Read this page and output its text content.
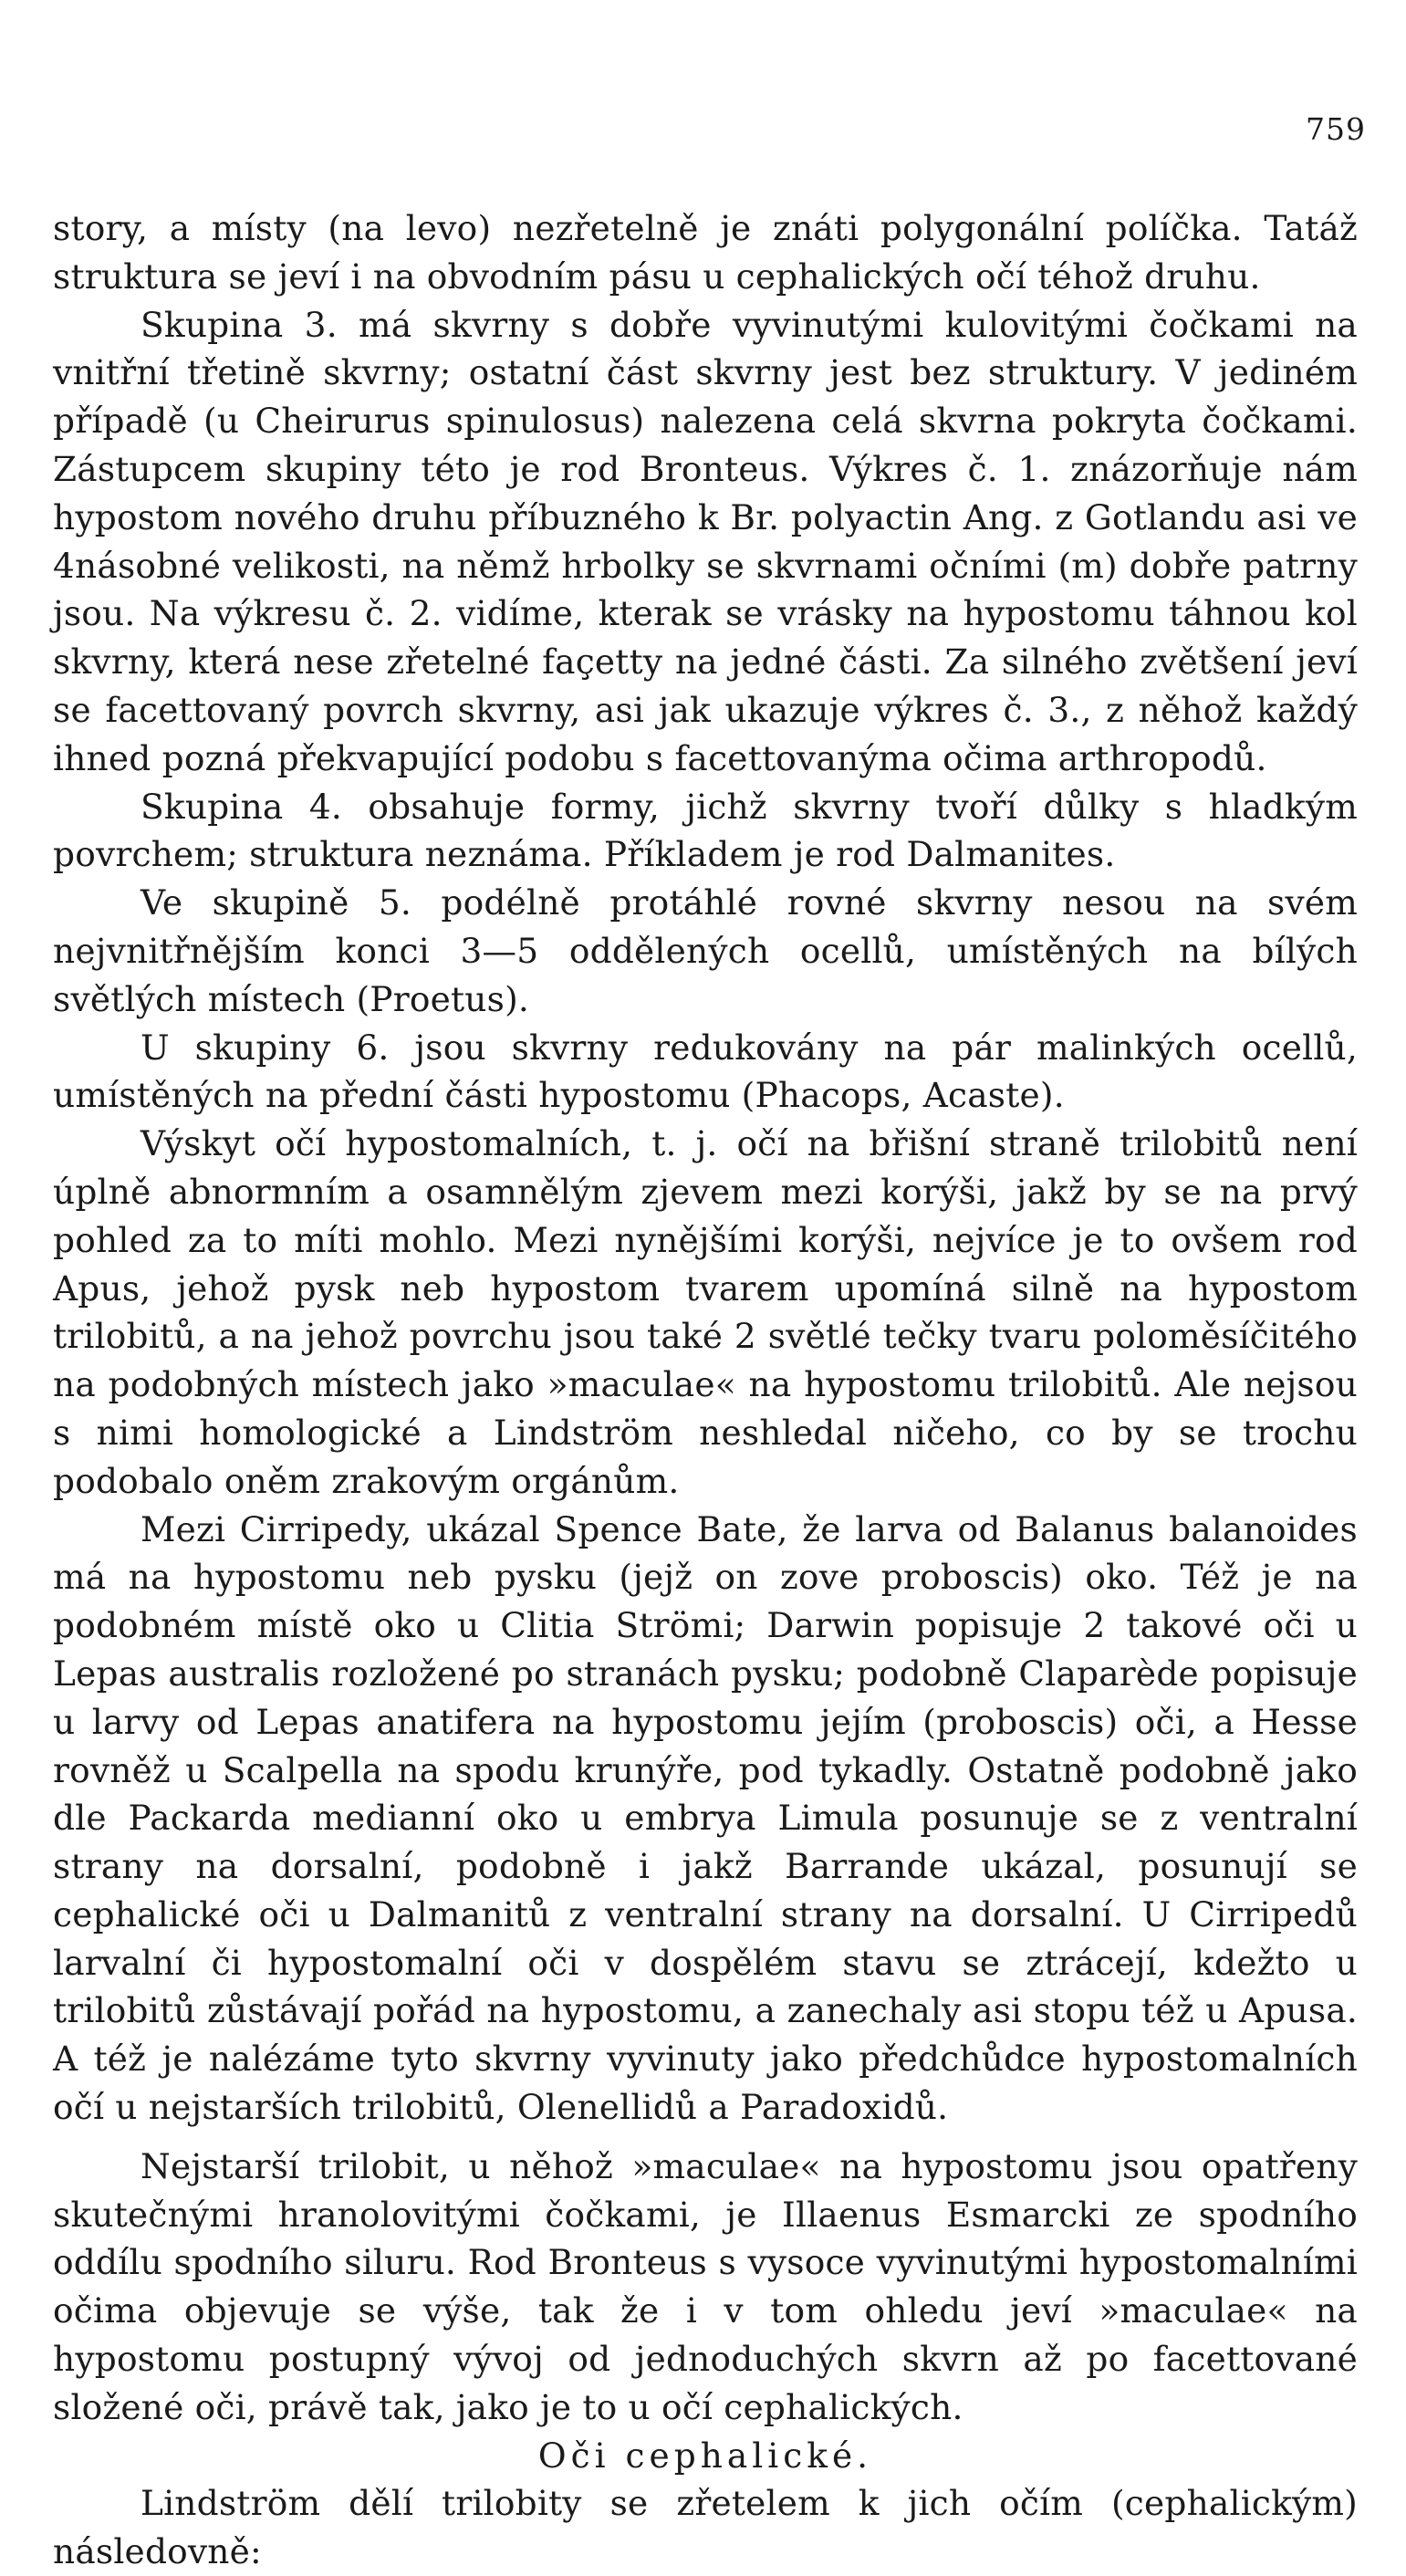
759

story, a místy (na levo) nezřetelně je znáti polygonální políčka. Tatáž struktura se jeví i na obvodním pásu u cephalických očí téhož druhu.

Skupina 3. má skvrny s dobře vyvinutými kulovitými čočkami na vnitřní třetině skvrny; ostatní část skvrny jest bez struktury. V jediném případě (u Cheirurus spinulosus) nalezena celá skvrna pokryta čočkami. Zástupcem skupiny této je rod Bronteus. Výkres č. 1. znázorňuje nám hypostom nového druhu příbuzného k Br. polyactin Ang. z Gotlandu asi ve 4násobné velikosti, na němž hrbolky se skvrnami očními (m) dobře patrny jsou. Na výkresu č. 2. vidíme, kterak se vrásky na hypostomu táhnou kol skvrny, která nese zřetelné façetty na jedné části. Za silného zvětšení jeví se facettovaný povrch skvrny, asi jak ukazuje výkres č. 3., z něhož každý ihned pozná překvapující podobu s facettovanýma očima arthropodů.

Skupina 4. obsahuje formy, jichž skvrny tvoří důlky s hladkým povrchem; struktura neznáma. Příkladem je rod Dalmanites.

Ve skupině 5. podélně protáhlé rovné skvrny nesou na svém nejvnitřnějším konci 3—5 oddělených ocellů, umístěných na bílých světlých místech (Proetus).

U skupiny 6. jsou skvrny redukovány na pár malinkých ocellů, umístěných na přední části hypostomu (Phacops, Acaste).

Výskyt očí hypostomalních, t. j. očí na břišní straně trilobitů není úplně abnormním a osamnělým zjevem mezi korýši, jakž by se na prvý pohled za to míti mohlo. Mezi nynějšími korýši, nejvíce je to ovšem rod Apus, jehož pysk neb hypostom tvarem upomíná silně na hypostom trilobitů, a na jehož povrchu jsou také 2 světlé tečky tvaru poloměsíčitého na podobných místech jako »maculae« na hypostomu trilobitů. Ale nejsou s nimi homologické a Lindström neshledal ničeho, co by se trochu podobalo oněm zrakovým orgánům.

Mezi Cirripedy, ukázal Spence Bate, že larva od Balanus balanoides má na hypostomu neb pysku (jejž on zove proboscis) oko. Též je na podobném místě oko u Clitia Strömi; Darwin popisuje 2 takové oči u Lepas australis rozložené po stranách pysku; podobně Claparède popisuje u larvy od Lepas anatifera na hypostomu jejím (proboscis) oči, a Hesse rovněž u Scalpella na spodu krunýře, pod tykadly. Ostatně podobně jako dle Packarda medianní oko u embrya Limula posunuje se z ventralní strany na dorsalní, podobně i jakž Barrande ukázal, posunují se cephalické oči u Dalmanitů z ventralní strany na dorsalní. U Cirripedů larvalní či hypostomalní oči v dospělém stavu se ztrácejí, kdežto u trilobitů zůstávají pořád na hypostomu, a zanechaly asi stopu též u Apusa. A též je nalézáme tyto skvrny vyvinuty jako předchůdce hypostomalních očí u nejstarších trilobitů, Olenellidů a Paradoxidů.

Nejstarší trilobit, u něhož »maculae« na hypostomu jsou opatřeny skutečnými hranolovitými čočkami, je Illaenus Esmarcki ze spodního oddílu spodního siluru. Rod Bronteus s vysoce vyvinutými hypostomalními očima objevuje se výše, tak že i v tom ohledu jeví »maculae« na hypostomu postupný vývoj od jednoduchých skvrn až po facettované složené oči, právě tak, jako je to u očí cephalických.

Oči cephalické.

Lindström dělí trilobity se zřetelem k jich očím (cephalickým) následovně:
